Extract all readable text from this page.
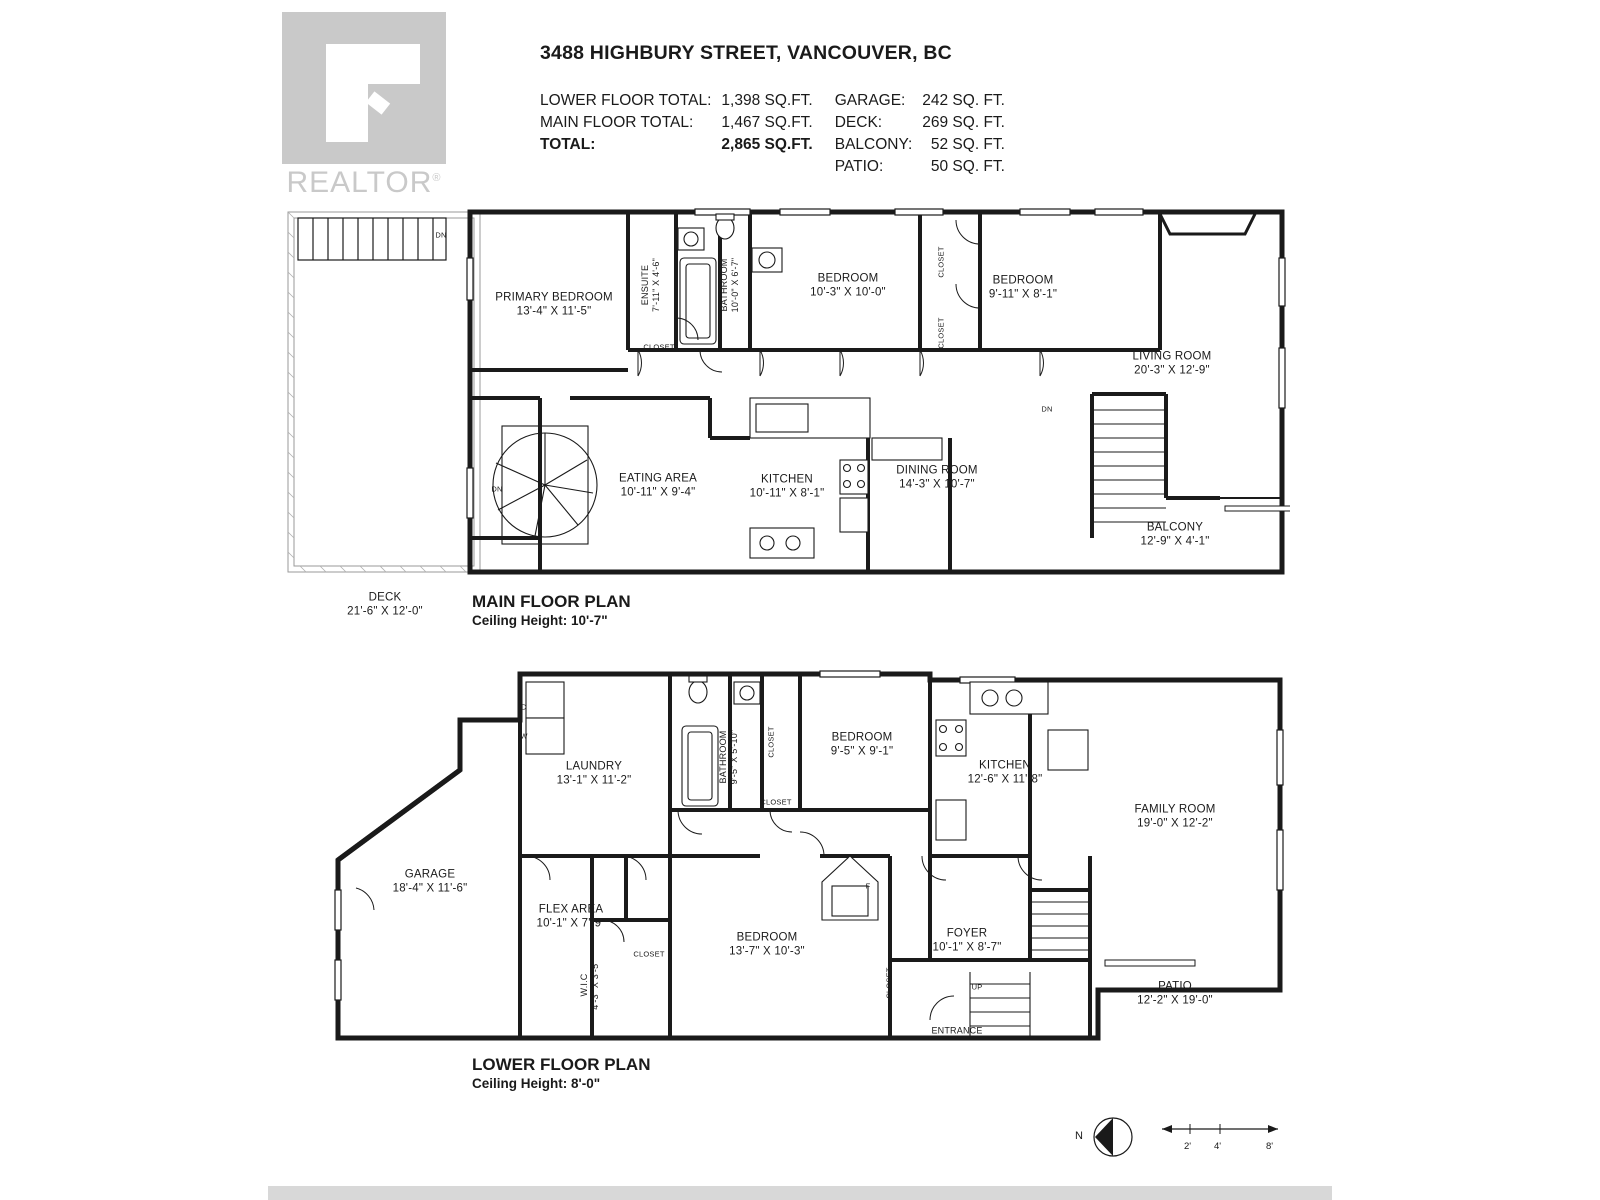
REALTOR®
3488 HIGHBURY STREET, VANCOUVER, BC
LOWER FLOOR TOTAL:	1,398 SQ.FT.	GARAGE:	242 SQ. FT.
MAIN FLOOR TOTAL:	1,467 SQ.FT.	DECK:	269 SQ. FT.
TOTAL:	2,865 SQ.FT.	BALCONY:	52 SQ. FT.
		PATIO:	50 SQ. FT.
DECK
21'-6" X 12'-0"
PRIMARY BEDROOM
13'-4" X 11'-5"
ENSUITE 7'-11" X 4'-6"	BATHROOM 10'-0" X 6'-7"	BEDROOM
10'-3" X 10'-0"
BEDROOM
9'-11" X 8'-1"
LIVING ROOM
20'-3" X 12'-9"
EATING AREA
10'-11" X 9'-4"
KITCHEN
10'-11" X 8'-1"
DINING ROOM
14'-3" X 10'-7"
BALCONY
12'-9" X 4'-1"
CLOSET
CLOSET
CLOSET
DN
DN
DN
MAIN FLOOR PLAN
Ceiling Height: 10'-7"
GARAGE
18'-4" X 11'-6"
LAUNDRY
13'-1" X 11'-2"	BATHROOM 9'-5" X 5'-10"	BEDROOM
9'-5" X 9'-1"
KITCHEN
12'-6" X 11'-8"
FAMILY ROOM
19'-0" X 12'-2"
FLEX AREA
10'-1" X 7'-9"
W.I.C 4'-3" X 3'-5"
BEDROOM
13'-7" X 10'-3"
FOYER
10'-1" X 8'-7"
PATIO
12'-2" X 19'-0"
CLOSET
CLOSET
CLOSET
CLOSET
D
W
F
UP
ENTRANCE
LOWER FLOOR PLAN
Ceiling Height: 8'-0"
N
2' 4'	8'
